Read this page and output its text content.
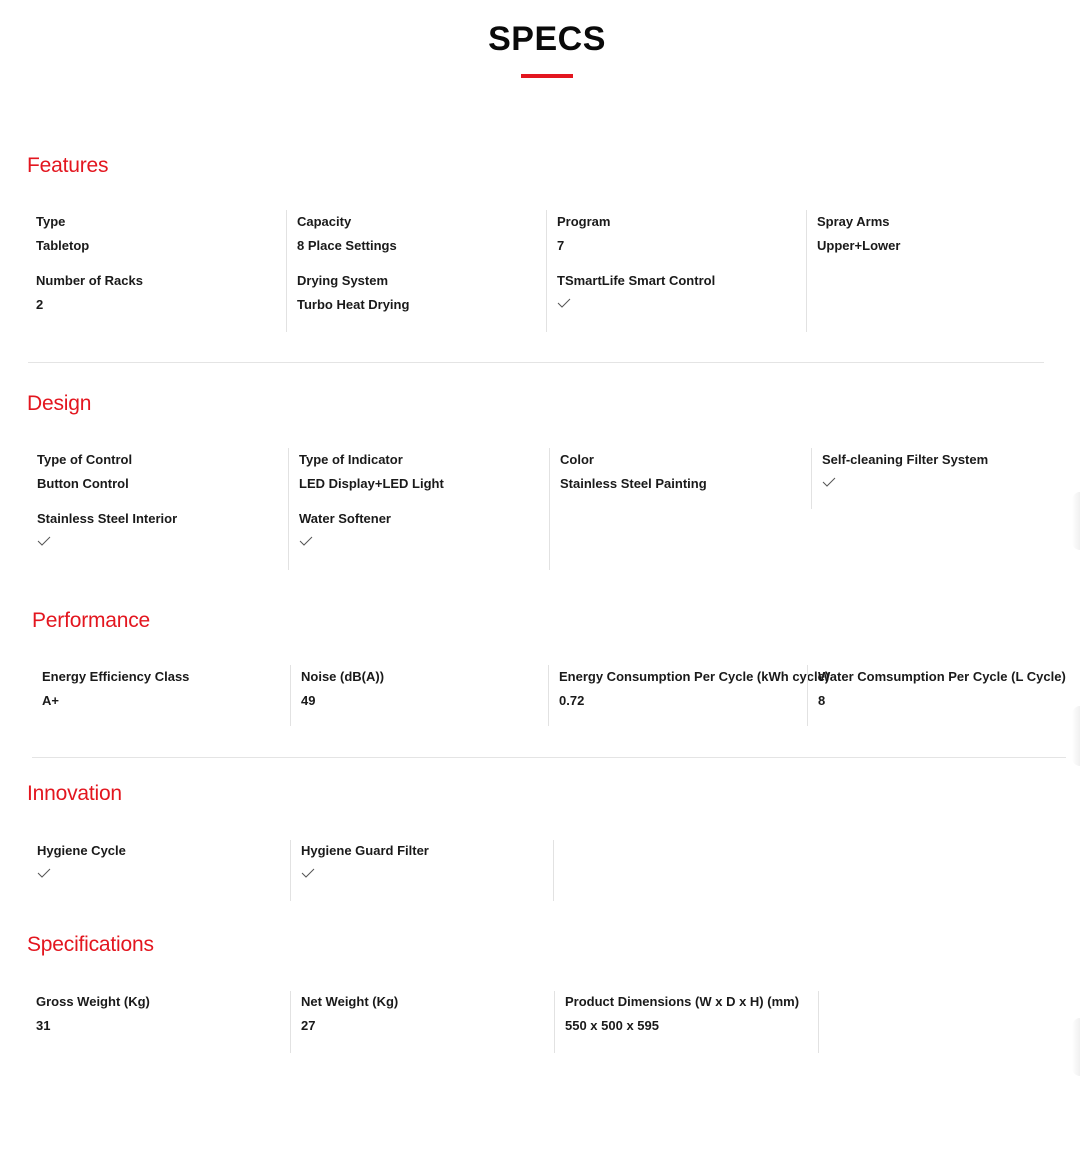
SPECS
Features
Type
Tabletop
Number of Racks
2
Capacity
8 Place Settings
Drying System
Turbo Heat Drying
Program
7
TSmartLife Smart Control
Spray Arms
Upper+Lower
Design
Type of Control
Button Control
Stainless Steel Interior
Type of Indicator
LED Display+LED Light
Water Softener
Color
Stainless Steel Painting
Self-cleaning Filter System
Performance
Energy Efficiency Class
A+
Noise (dB(A))
49
Energy Consumption Per Cycle (kWh cycle)
0.72
Water Comsumption Per Cycle (L Cycle)
8
Innovation
Hygiene Cycle	Hygiene Guard Filter
Specifications
Gross Weight (Kg)
31
Net Weight (Kg)
27
Product Dimensions (W x D x H) (mm)
550 x 500 x 595
